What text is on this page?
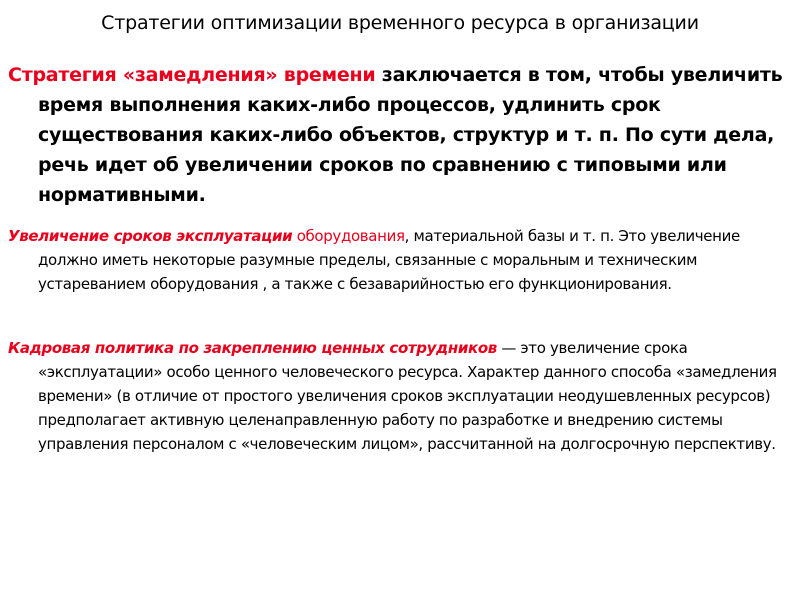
Стратегии оптимизации временного ресурса в организации

Стратегия «замедления» времени заключается в том, чтобы увеличить время выполнения каких-либо процессов, удлинить срок существования каких-либо объектов, структур и т. п. По сути дела, речь идет об увеличении сроков по сравнению с типовыми или нормативными.

Увеличение сроков эксплуатации оборудования, материальной базы и т. п. Это увеличение должно иметь некоторые разумные пределы, связанные с моральным и техническим устареванием оборудования , а также с безаварийностью его функционирования.

Кадровая политика по закреплению ценных сотрудников — это увеличение срока «эксплуатации» особо ценного человеческого ресурса. Характер данного способа «замедления времени» (в отличие от простого увеличения сроков эксплуатации неодушевленных ресурсов) предполагает активную целенаправленную работу по разработке и внедрению системы управления персоналом с «человеческим лицом», рассчитанной на долгосрочную перспективу.
